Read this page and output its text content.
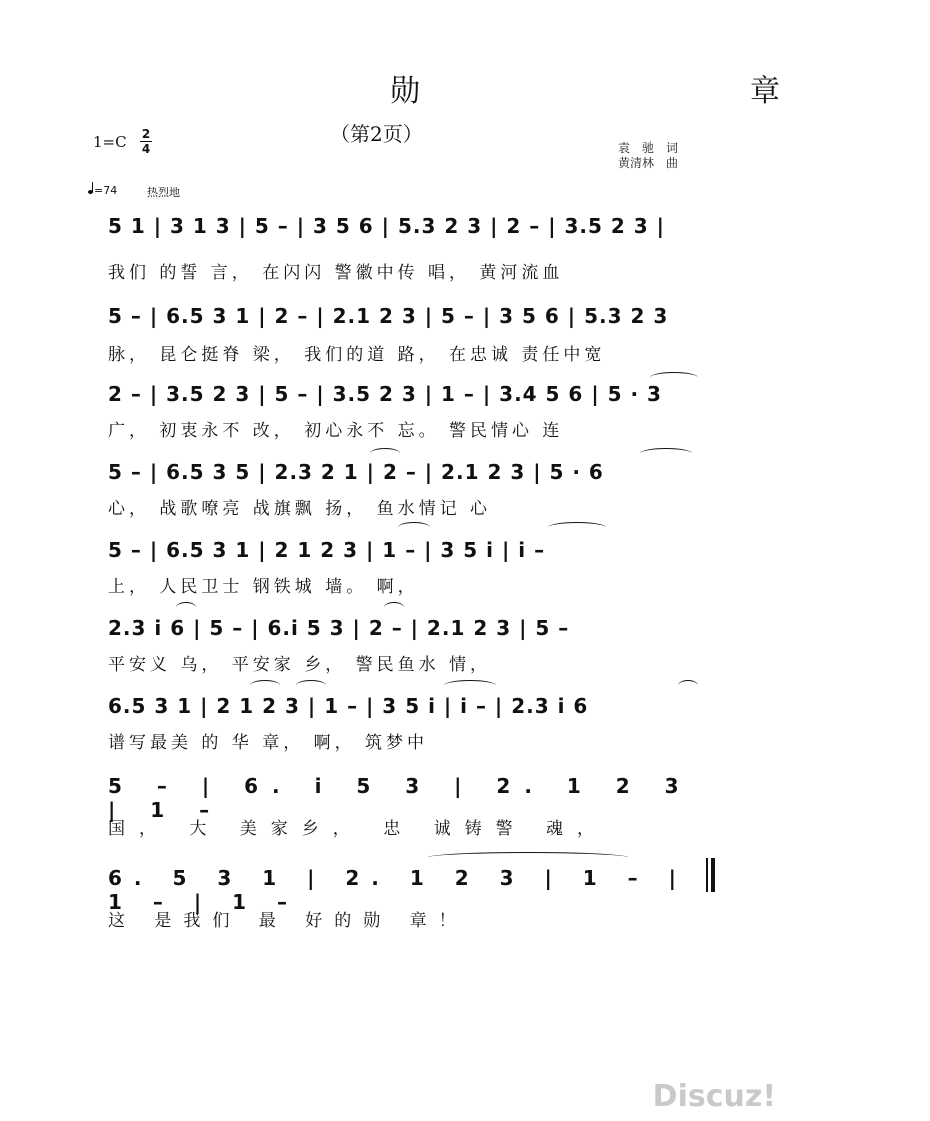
勋　章
（第2页）
1=C 2
4	袁　驰　词
黄清林　曲
=74	热烈地
5 1 | 3 1 3 | 5 – | 3 5 6 | 5.3 2 3 | 2 – | 3.5 2 3 |
我们 的誓 言， 在闪闪 警徽中传 唱， 黄河流血
5 – | 6.5 3 1 | 2 – | 2.1 2 3 | 5 – | 3 5 6 | 5.3 2 3
脉， 昆仑挺脊 梁， 我们的道 路， 在忠诚 责任中宽
2 – | 3.5 2 3 | 5 – | 3.5 2 3 | 1 – | 3.4 5 6 | 5 · 3
广， 初衷永不 改， 初心永不 忘。 警民情心 连
5 – | 6.5 3 5 | 2.3 2 1 | 2 – | 2.1 2 3 | 5 · 6
心， 战歌嘹亮 战旗飘 扬， 鱼水情记 心
5 – | 6.5 3 1 | 2 1 2 3 | 1 – | 3 5 i | i –
上， 人民卫士 钢铁城 墙。 啊，
2.3 i 6 | 5 – | 6.i 5 3 | 2 – | 2.1 2 3 | 5 –
平安义 乌， 平安家 乡， 警民鱼水 情，
6.5 3 1 | 2 1 2 3 | 1 – | 3 5 i | i – | 2.3 i 6
谱写最美 的 华 章， 啊， 筑梦中
5 – | 6. i 5 3 | 2. 1 2 3 | 1 –
国， 大 美家乡， 忠 诚铸警 魂，
6. 5 3 1 | 2. 1 2 3 | 1 – | 1 – | 1 –
这 是我们 最 好的勋 章！
Discuz!
